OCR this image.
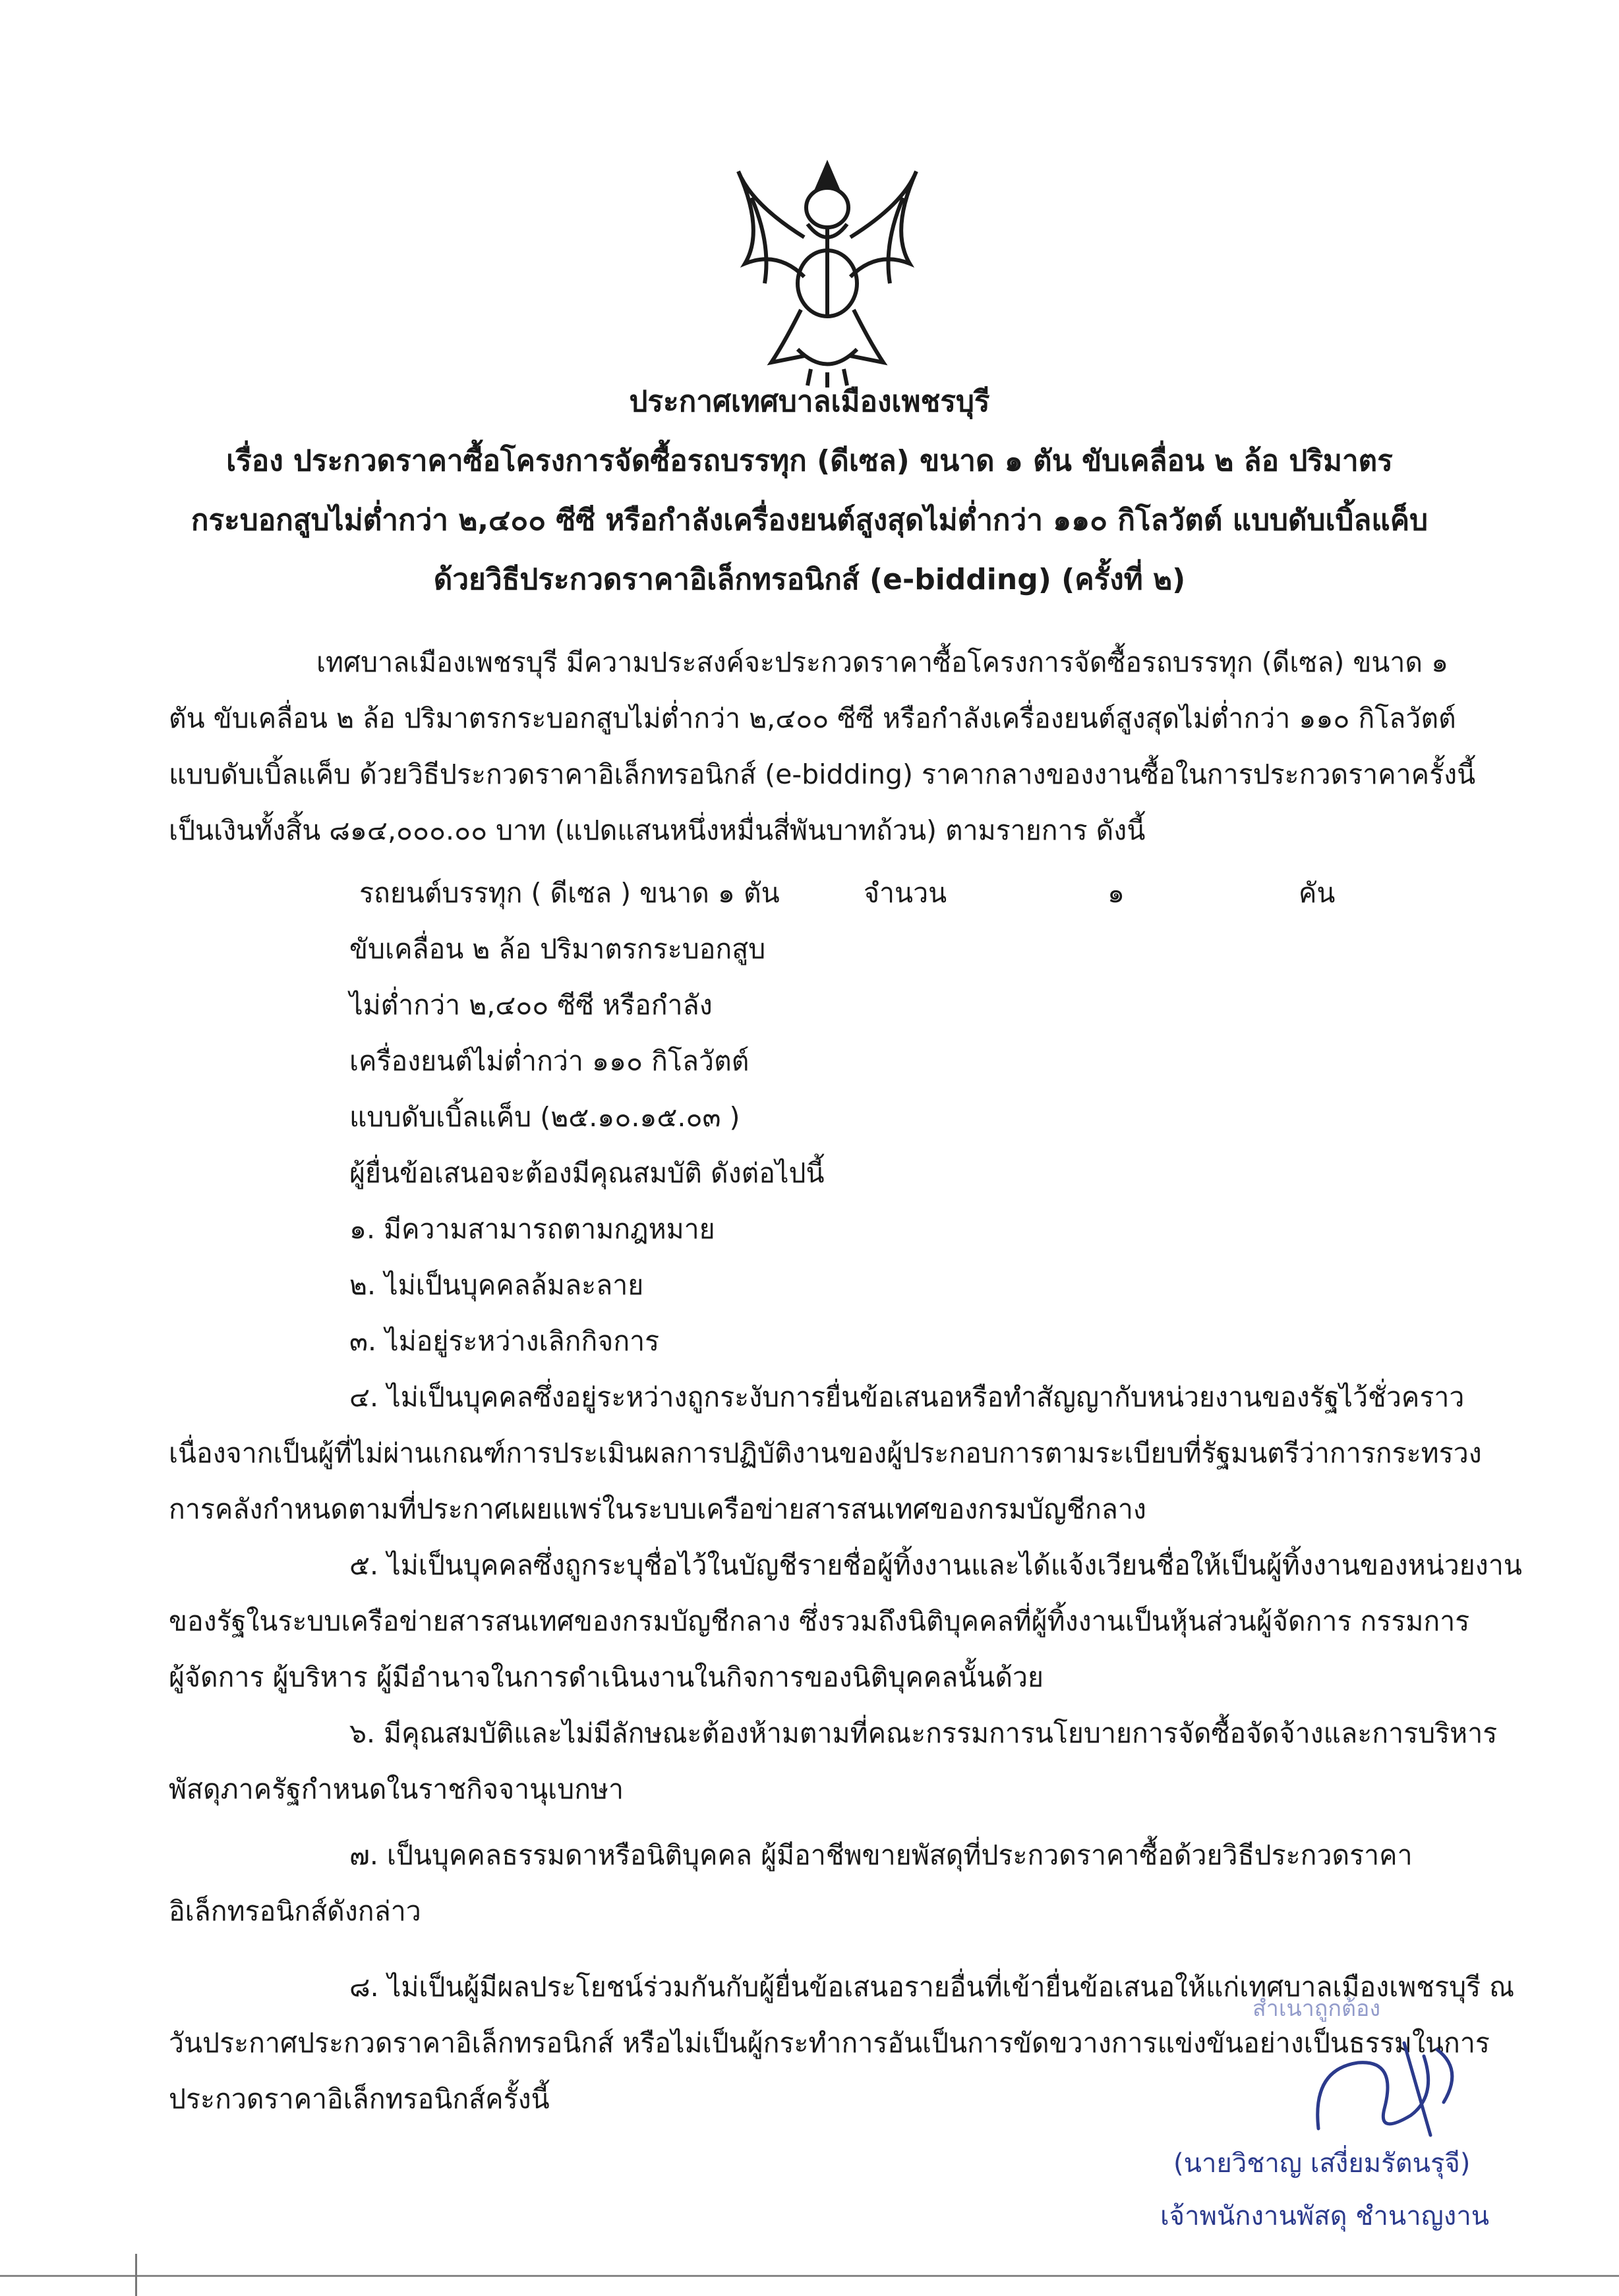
ประกาศเทศบาลเมืองเพชรบุรี
เรื่อง ประกวดราคาซื้อโครงการจัดซื้อรถบรรทุก (ดีเซล) ขนาด ๑ ตัน ขับเคลื่อน ๒ ล้อ ปริมาตร
กระบอกสูบไม่ต่ำกว่า ๒,๔๐๐ ซีซี หรือกำลังเครื่องยนต์สูงสุดไม่ต่ำกว่า ๑๑๐ กิโลวัตต์ แบบดับเบิ้ลแค็บ
ด้วยวิธีประกวดราคาอิเล็กทรอนิกส์ (e-bidding) (ครั้งที่ ๒)
เทศบาลเมืองเพชรบุรี มีความประสงค์จะประกวดราคาซื้อโครงการจัดซื้อรถบรรทุก (ดีเซล) ขนาด ๑
ตัน ขับเคลื่อน ๒ ล้อ ปริมาตรกระบอกสูบไม่ต่ำกว่า ๒,๔๐๐ ซีซี หรือกำลังเครื่องยนต์สูงสุดไม่ต่ำกว่า ๑๑๐ กิโลวัตต์
แบบดับเบิ้ลแค็บ ด้วยวิธีประกวดราคาอิเล็กทรอนิกส์ (e-bidding) ราคากลางของงานซื้อในการประกวดราคาครั้งนี้
เป็นเงินทั้งสิ้น ๘๑๔,๐๐๐.๐๐ บาท (แปดแสนหนึ่งหมื่นสี่พันบาทถ้วน) ตามรายการ ดังนี้
รถยนต์บรรทุก ( ดีเซล ) ขนาด ๑ ตัน	จำนวน	๑	คัน
ขับเคลื่อน ๒ ล้อ ปริมาตรกระบอกสูบ
ไม่ต่ำกว่า ๒,๔๐๐ ซีซี หรือกำลัง
เครื่องยนต์ไม่ต่ำกว่า ๑๑๐ กิโลวัตต์
แบบดับเบิ้ลแค็บ (๒๕.๑๐.๑๕.๐๓ )
ผู้ยื่นข้อเสนอจะต้องมีคุณสมบัติ ดังต่อไปนี้
๑. มีความสามารถตามกฎหมาย
๒. ไม่เป็นบุคคลล้มละลาย
๓. ไม่อยู่ระหว่างเลิกกิจการ
๔. ไม่เป็นบุคคลซึ่งอยู่ระหว่างถูกระงับการยื่นข้อเสนอหรือทำสัญญากับหน่วยงานของรัฐไว้ชั่วคราว
เนื่องจากเป็นผู้ที่ไม่ผ่านเกณฑ์การประเมินผลการปฏิบัติงานของผู้ประกอบการตามระเบียบที่รัฐมนตรีว่าการกระทรวง
การคลังกำหนดตามที่ประกาศเผยแพร่ในระบบเครือข่ายสารสนเทศของกรมบัญชีกลาง
๕. ไม่เป็นบุคคลซึ่งถูกระบุชื่อไว้ในบัญชีรายชื่อผู้ทิ้งงานและได้แจ้งเวียนชื่อให้เป็นผู้ทิ้งงานของหน่วยงาน
ของรัฐในระบบเครือข่ายสารสนเทศของกรมบัญชีกลาง ซึ่งรวมถึงนิติบุคคลที่ผู้ทิ้งงานเป็นหุ้นส่วนผู้จัดการ กรรมการ
ผู้จัดการ ผู้บริหาร ผู้มีอำนาจในการดำเนินงานในกิจการของนิติบุคคลนั้นด้วย
๖. มีคุณสมบัติและไม่มีลักษณะต้องห้ามตามที่คณะกรรมการนโยบายการจัดซื้อจัดจ้างและการบริหาร
พัสดุภาครัฐกำหนดในราชกิจจานุเบกษา
๗. เป็นบุคคลธรรมดาหรือนิติบุคคล ผู้มีอาชีพขายพัสดุที่ประกวดราคาซื้อด้วยวิธีประกวดราคา
อิเล็กทรอนิกส์ดังกล่าว
๘. ไม่เป็นผู้มีผลประโยชน์ร่วมกันกับผู้ยื่นข้อเสนอรายอื่นที่เข้ายื่นข้อเสนอให้แก่เทศบาลเมืองเพชรบุรี ณ
วันประกาศประกวดราคาอิเล็กทรอนิกส์ หรือไม่เป็นผู้กระทำการอันเป็นการขัดขวางการแข่งขันอย่างเป็นธรรมในการ
ประกวดราคาอิเล็กทรอนิกส์ครั้งนี้
สำเนาถูกต้อง
(นายวิชาญ เสงี่ยมรัตนรุจี)
เจ้าพนักงานพัสดุ ชำนาญงาน
